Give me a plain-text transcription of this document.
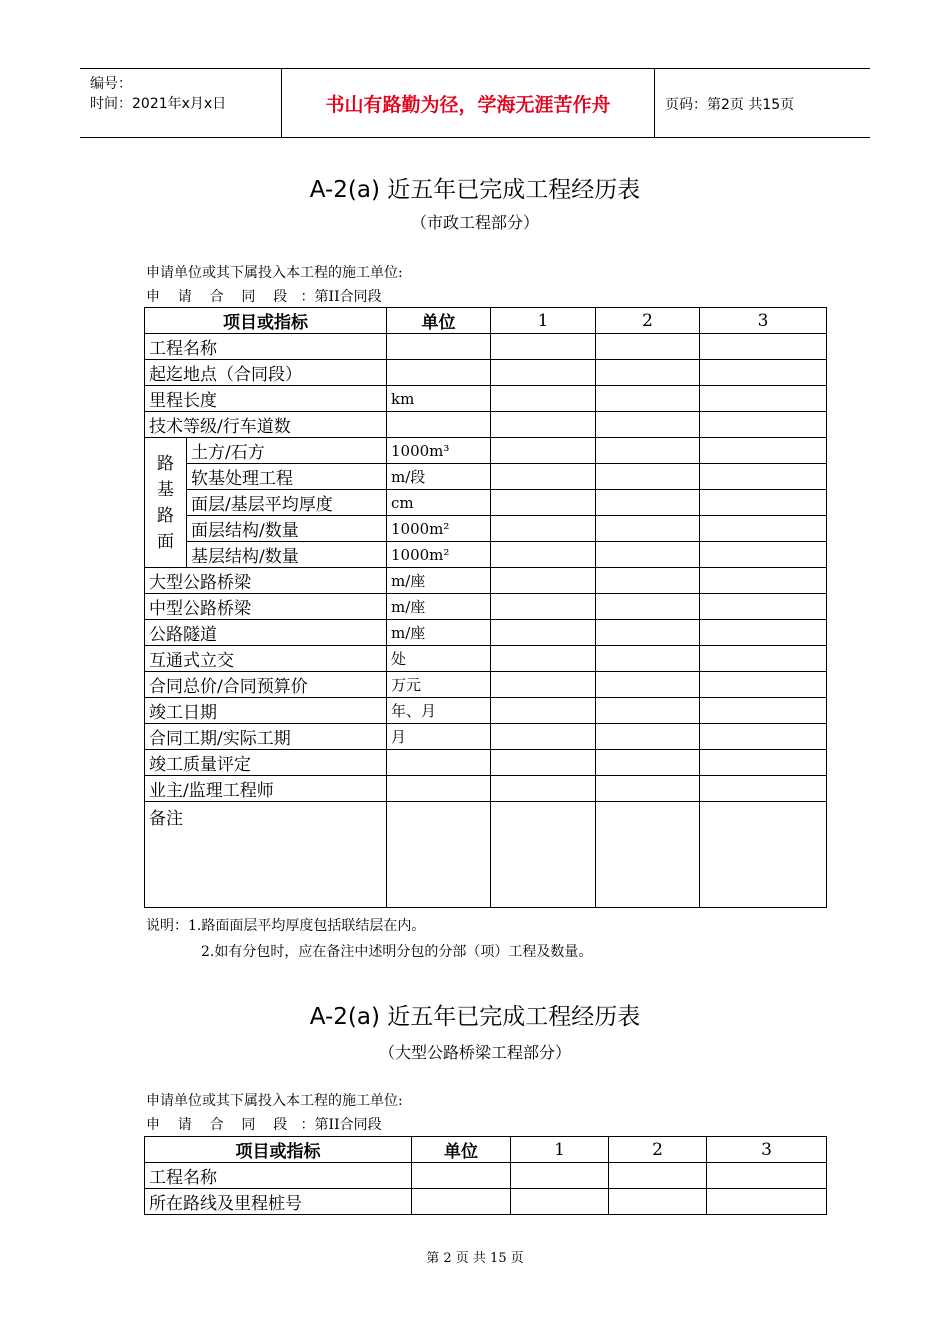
编号：
时间：2021年x月x日	书山有路勤为径，学海无涯苦作舟	页码：第2页 共15页
A-2(a) 近五年已完成工程经历表
（市政工程部分）
申请单位或其下属投入本工程的施工单位:
申    请    合    同    段   ：第II合同段
项目或指标		单位	1	2	3
工程名称					
起迄地点（合同段）					
里程长度		km			
技术等级/行车道数					
路基路面	土方/石方	1000m³			
	软基处理工程	m/段			
	面层/基层平均厚度	cm			
	面层结构/数量	1000m²			
	基层结构/数量	1000m²			
大型公路桥梁		m/座			
中型公路桥梁		m/座			
公路隧道		m/座			
互通式立交		处			
合同总价/合同预算价		万元			
竣工日期		年、月			
合同工期/实际工期		月			
竣工质量评定					
业主/监理工程师					
备注					
说明：1.路面面层平均厚度包括联结层在内。
2.如有分包时，应在备注中述明分包的分部（项）工程及数量。
A-2(a) 近五年已完成工程经历表
（大型公路桥梁工程部分）
申请单位或其下属投入本工程的施工单位:
申    请    合    同    段   ：第II合同段
项目或指标	单位	1	2	3
工程名称				
所在路线及里程桩号				
第 2 页 共 15 页
